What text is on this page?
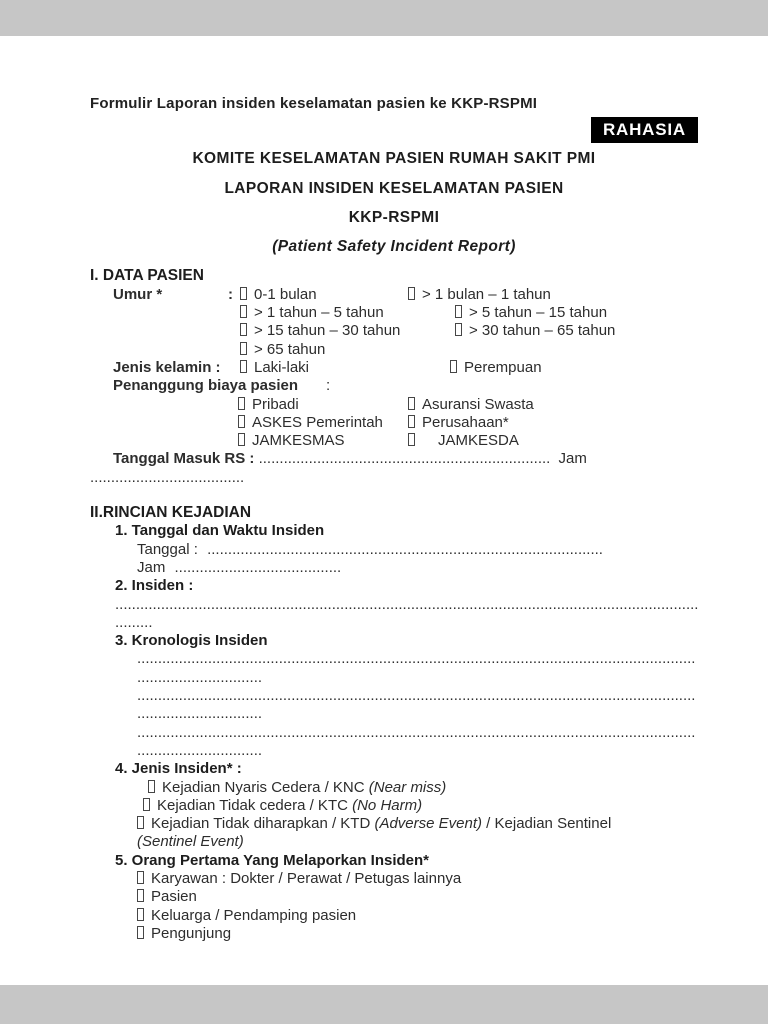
Formulir Laporan insiden keselamatan pasien ke KKP-RSPMI
RAHASIA
KOMITE KESELAMATAN PASIEN RUMAH SAKIT PMI
LAPORAN INSIDEN KESELAMATAN PASIEN
KKP-RSPMI
(Patient Safety Incident Report)
I. DATA PASIEN
Umur *	:	0-1 bulan	> 1 bulan – 1 tahun
> 1 tahun – 5 tahun	> 5 tahun – 15 tahun
> 15 tahun – 30 tahun	> 30 tahun – 65 tahun
> 65 tahun
Jenis kelamin :	Laki-laki	Perempuan
Penanggung biaya pasien :
Pribadi	Asuransi Swasta
ASKES Pemerintah	Perusahaan*
JAMKESMAS	JAMKESDA
Tanggal Masuk RS : ...................................................................... Jam
.....................................
II.RINCIAN KEJADIAN
1. Tanggal dan Waktu Insiden
Tanggal : ...............................................................................................
Jam ........................................
2. Insiden :
............................................................................................................................................
.........
3. Kronologis Insiden
......................................................................................................................................
..............................
......................................................................................................................................
..............................
......................................................................................................................................
..............................
4. Jenis Insiden* :
Kejadian Nyaris Cedera / KNC (Near miss)
Kejadian Tidak cedera / KTC (No Harm)
Kejadian Tidak diharapkan / KTD (Adverse Event) / Kejadian Sentinel
(Sentinel Event)
5. Orang Pertama Yang Melaporkan Insiden*
Karyawan : Dokter / Perawat / Petugas lainnya
Pasien
Keluarga / Pendamping pasien
Pengunjung
